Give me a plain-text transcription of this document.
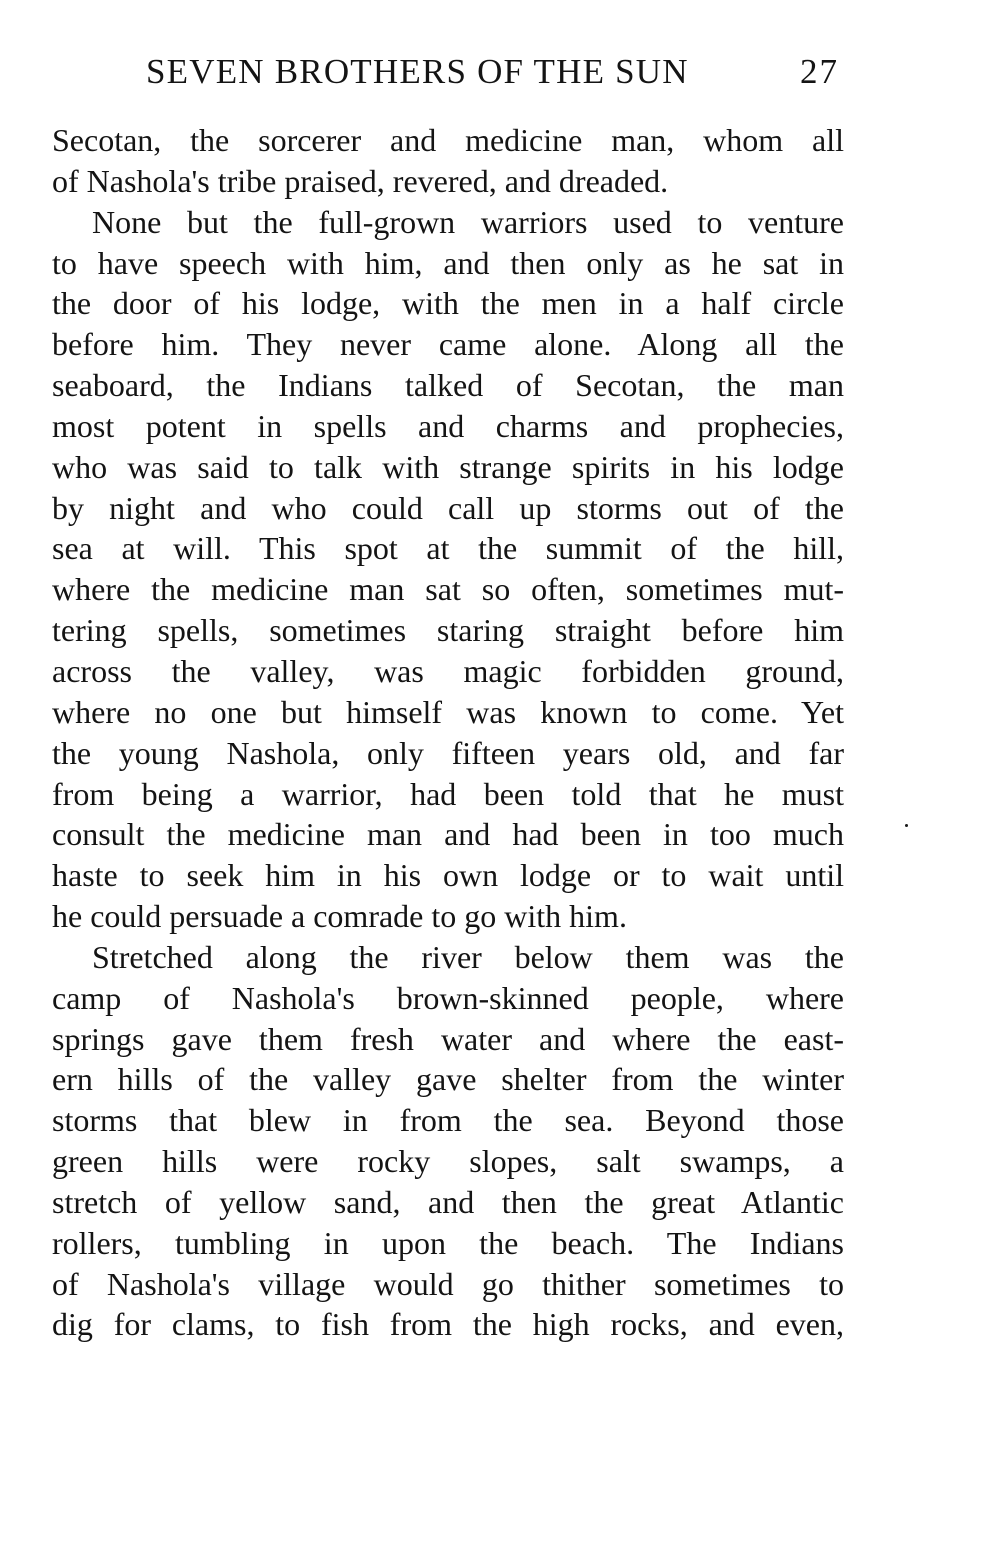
SEVEN BROTHERS OF THE SUN	27
Secotan, the sorcerer and medicine man, whom all
of Nashola's tribe praised, revered, and dreaded.
None but the full-grown warriors used to venture
to have speech with him, and then only as he sat in
the door of his lodge, with the men in a half circle
before him. They never came alone. Along all the
seaboard, the Indians talked of Secotan, the man
most potent in spells and charms and prophecies,
who was said to talk with strange spirits in his lodge
by night and who could call up storms out of the
sea at will. This spot at the summit of the hill,
where the medicine man sat so often, sometimes mut-
tering spells, sometimes staring straight before him
across the valley, was magic forbidden ground,
where no one but himself was known to come. Yet
the young Nashola, only fifteen years old, and far
from being a warrior, had been told that he must
consult the medicine man and had been in too much
haste to seek him in his own lodge or to wait until
he could persuade a comrade to go with him.
Stretched along the river below them was the
camp of Nashola's brown-skinned people, where
springs gave them fresh water and where the east-
ern hills of the valley gave shelter from the winter
storms that blew in from the sea. Beyond those
green hills were rocky slopes, salt swamps, a
stretch of yellow sand, and then the great Atlantic
rollers, tumbling in upon the beach. The Indians
of Nashola's village would go thither sometimes to
dig for clams, to fish from the high rocks, and even,
